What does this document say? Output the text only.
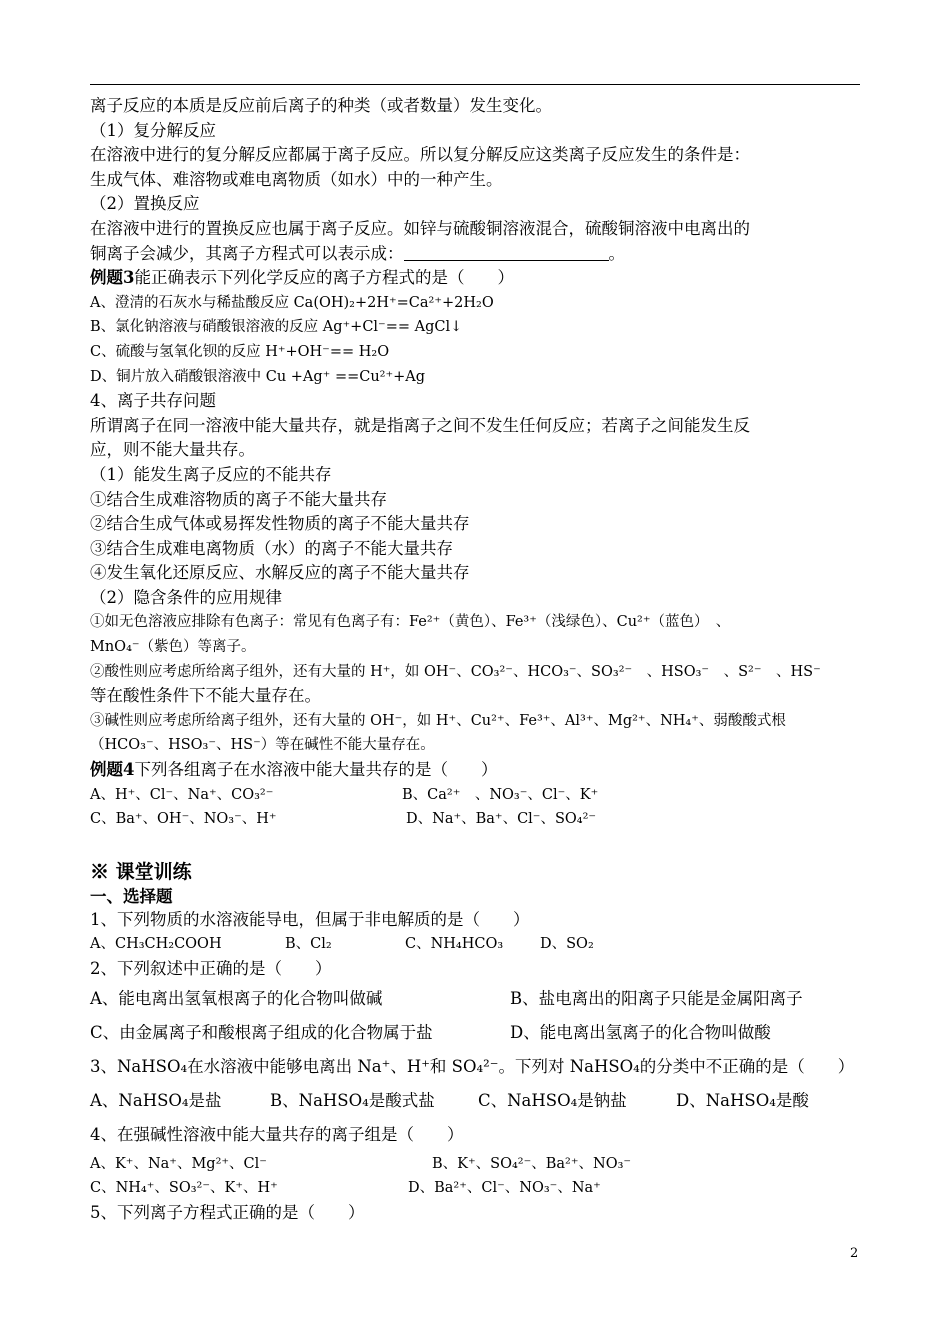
离子反应的本质是反应前后离子的种类（或者数量）发生变化。
（1）复分解反应
在溶液中进行的复分解反应都属于离子反应。所以复分解反应这类离子反应发生的条件是：
生成气体、难溶物或难电离物质（如水）中的一种产生。
（2）置换反应
在溶液中进行的置换反应也属于离子反应。如锌与硫酸铜溶液混合，硫酸铜溶液中电离出的
铜离子会减少，其离子方程式可以表示成：	。
例题3能正确表示下列化学反应的离子方程式的是（　　）
A、澄清的石灰水与稀盐酸反应 Ca(OH)₂+2H⁺=Ca²⁺+2H₂O
B、氯化钠溶液与硝酸银溶液的反应 Ag⁺+Cl⁻== AgCl↓
C、硫酸与氢氧化钡的反应 H⁺+OH⁻== H₂O
D、铜片放入硝酸银溶液中 Cu +Ag⁺ ==Cu²⁺+Ag
4、离子共存问题
所谓离子在同一溶液中能大量共存，就是指离子之间不发生任何反应；若离子之间能发生反
应，则不能大量共存。
（1）能发生离子反应的不能共存
①结合生成难溶物质的离子不能大量共存
②结合生成气体或易挥发性物质的离子不能大量共存
③结合生成难电离物质（水）的离子不能大量共存
④发生氧化还原反应、水解反应的离子不能大量共存
（2）隐含条件的应用规律
①如无色溶液应排除有色离子：常见有色离子有：Fe²⁺（黄色）、Fe³⁺（浅绿色）、Cu²⁺（蓝色）　、
MnO₄⁻（紫色）等离子。
②酸性则应考虑所给离子组外，还有大量的 H⁺，如 OH⁻、CO₃²⁻、HCO₃⁻、SO₃²⁻　、HSO₃⁻　、S²⁻　、HS⁻
等在酸性条件下不能大量存在。
③碱性则应考虑所给离子组外，还有大量的 OH⁻，如 H⁺、Cu²⁺、Fe³⁺、Al³⁺、Mg²⁺、NH₄⁺、弱酸酸式根
（HCO₃⁻、HSO₃⁻、HS⁻）等在碱性不能大量存在。
例题4下列各组离子在水溶液中能大量共存的是（　　）
A、H⁺、Cl⁻、Na⁺、CO₃²⁻	B、Ca²⁺　、NO₃⁻、Cl⁻、K⁺
C、Ba⁺、OH⁻、NO₃⁻、H⁺	D、Na⁺、Ba⁺、Cl⁻、SO₄²⁻
※ 课堂训练
一、选择题
1、下列物质的水溶液能导电，但属于非电解质的是（　　）
A、CH₃CH₂COOH	B、Cl₂	C、NH₄HCO₃	D、SO₂
2、下列叙述中正确的是（　　）
A、能电离出氢氧根离子的化合物叫做碱	B、盐电离出的阳离子只能是金属阳离子
C、由金属离子和酸根离子组成的化合物属于盐	D、能电离出氢离子的化合物叫做酸
3、NaHSO₄在水溶液中能够电离出 Na⁺、H⁺和 SO₄²⁻。下列对 NaHSO₄的分类中不正确的是（　　）
A、NaHSO₄是盐	B、NaHSO₄是酸式盐	C、NaHSO₄是钠盐	D、NaHSO₄是酸
4、在强碱性溶液中能大量共存的离子组是（　　）
A、K⁺、Na⁺、Mg²⁺、Cl⁻	B、K⁺、SO₄²⁻、Ba²⁺、NO₃⁻
C、NH₄⁺、SO₃²⁻、K⁺、H⁺	D、Ba²⁺、Cl⁻、NO₃⁻、Na⁺
5、下列离子方程式正确的是（　　）
2
